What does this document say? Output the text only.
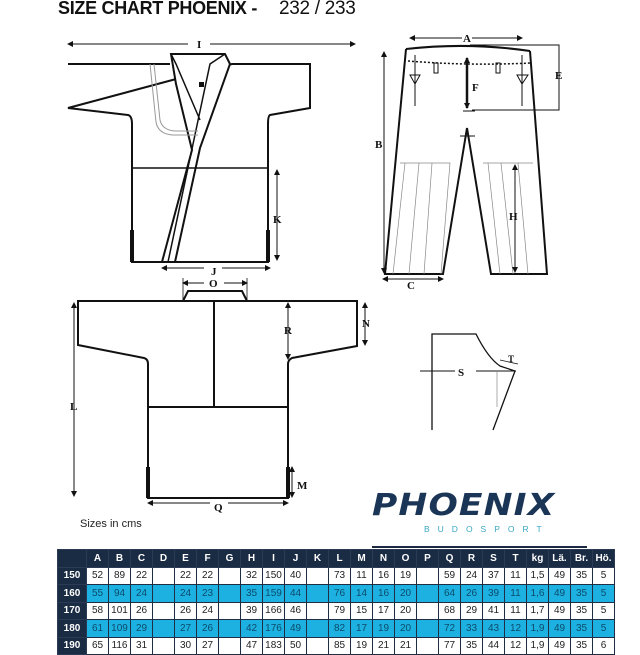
SIZE CHART PHOENIX - 232 / 233
I
K
J
O
R
N
L
M
Q
A
E
F
B
H
C
S
T
Sizes in cms
PHOENIX
BUDOSPORT
	A	B	C	D	E	F	G	H	I	J	K	L	M	N	O	P	Q	R	S	T	kg	Lä.	Br.	Hö.
150	52	89	22		22	22		32	150	40		73	11	16	19		59	24	37	11	1,5	49	35	5
160	55	94	24		24	23		35	159	44		76	14	16	20		64	26	39	11	1,6	49	35	5
170	58	101	26		26	24		39	166	46		79	15	17	20		68	29	41	11	1,7	49	35	5
180	61	109	29		27	26		42	176	49		82	17	19	20		72	33	43	12	1,9	49	35	5
190	65	116	31		30	27		47	183	50		85	19	21	21		77	35	44	12	1,9	49	35	6
